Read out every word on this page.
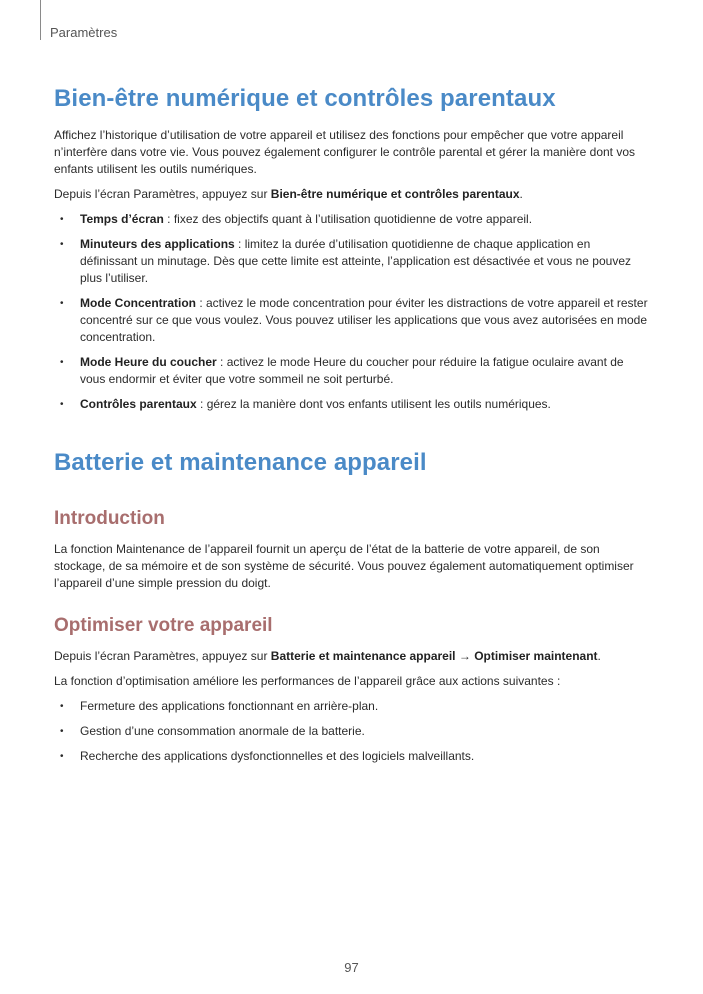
Paramètres
Bien-être numérique et contrôles parentaux

Affichez l’historique d’utilisation de votre appareil et utilisez des fonctions pour empêcher que votre appareil n’interfère dans votre vie. Vous pouvez également configurer le contrôle parental et gérer la manière dont vos enfants utilisent les outils numériques.

Depuis l’écran Paramètres, appuyez sur Bien-être numérique et contrôles parentaux.

• Temps d’écran : fixez des objectifs quant à l’utilisation quotidienne de votre appareil.
• Minuteurs des applications : limitez la durée d’utilisation quotidienne de chaque application en définissant un minutage. Dès que cette limite est atteinte, l’application est désactivée et vous ne pouvez plus l’utiliser.
• Mode Concentration : activez le mode concentration pour éviter les distractions de votre appareil et rester concentré sur ce que vous voulez. Vous pouvez utiliser les applications que vous avez autorisées en mode concentration.
• Mode Heure du coucher : activez le mode Heure du coucher pour réduire la fatigue oculaire avant de vous endormir et éviter que votre sommeil ne soit perturbé.
• Contrôles parentaux : gérez la manière dont vos enfants utilisent les outils numériques.
Batterie et maintenance appareil
Introduction

La fonction Maintenance de l’appareil fournit un aperçu de l’état de la batterie de votre appareil, de son stockage, de sa mémoire et de son système de sécurité. Vous pouvez également automatiquement optimiser l’appareil d’une simple pression du doigt.

Optimiser votre appareil

Depuis l’écran Paramètres, appuyez sur Batterie et maintenance appareil → Optimiser maintenant.

La fonction d’optimisation améliore les performances de l’appareil grâce aux actions suivantes :

• Fermeture des applications fonctionnant en arrière-plan.
• Gestion d’une consommation anormale de la batterie.
• Recherche des applications dysfonctionnelles et des logiciels malveillants.
97
